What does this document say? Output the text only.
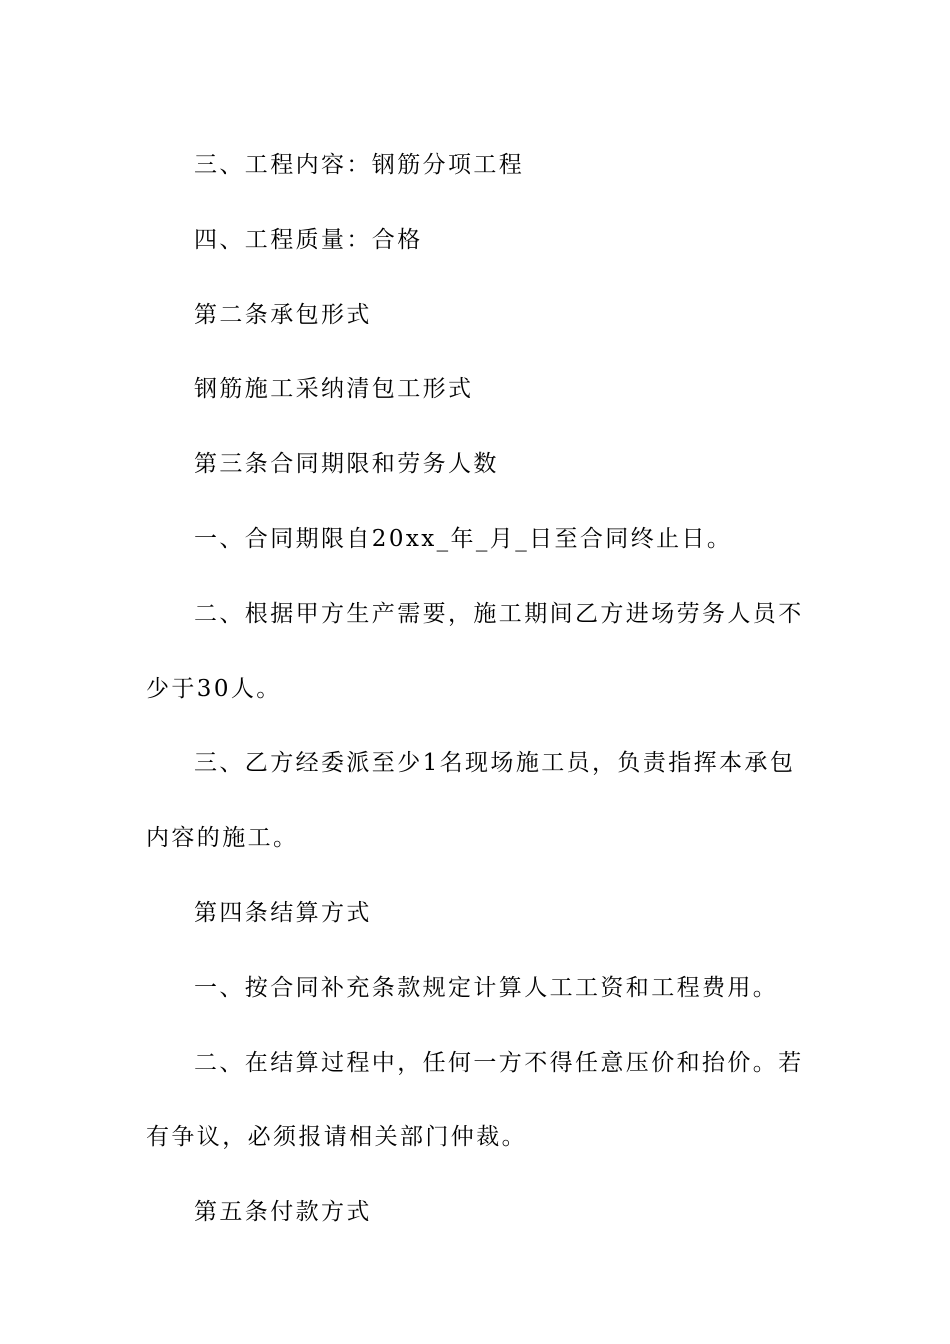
三、工程内容：钢筋分项工程

四、工程质量：合格

第二条承包形式

钢筋施工采纳清包工形式

第三条合同期限和劳务人数

一、合同期限自20xx_年_月_日至合同终止日。

二、根据甲方生产需要，施工期间乙方进场劳务人员不少于30人。

三、乙方经委派至少1名现场施工员，负责指挥本承包内容的施工。

第四条结算方式

一、按合同补充条款规定计算人工工资和工程费用。

二、在结算过程中，任何一方不得任意压价和抬价。若有争议，必须报请相关部门仲裁。

第五条付款方式
